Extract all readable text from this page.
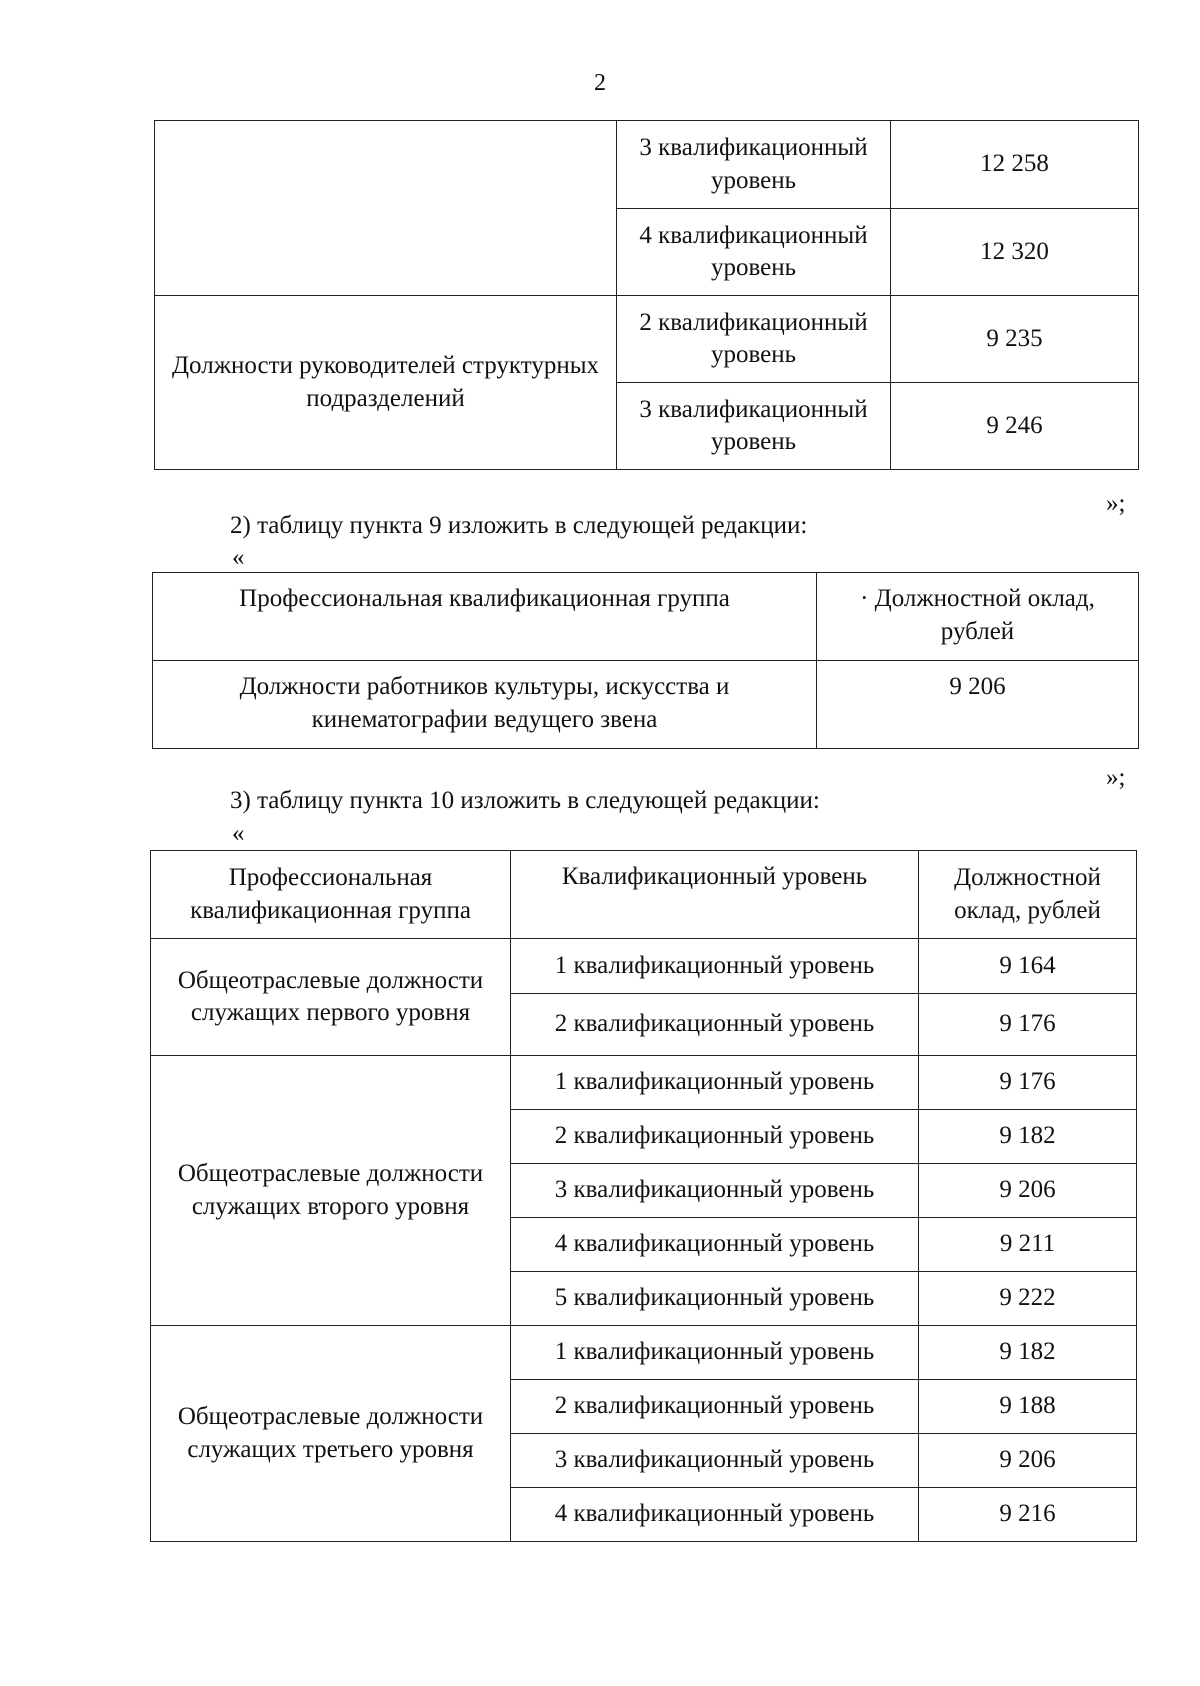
2
	3 квалификационный уровень	12 258
	4 квалификационный уровень	12 320
Должности руководителей структурных подразделений	2 квалификационный уровень	9 235
	3 квалификационный уровень	9 246
»;
2) таблицу пункта 9 изложить в следующей редакции:
«
Профессиональная квалификационная группа	· Должностной оклад, рублей
Должности работников культуры, искусства и кинематографии ведущего звена	9 206
»;
3) таблицу пункта 10 изложить в следующей редакции:
«
Профессиональная квалификационная группа	Квалификационный уровень	Должностной оклад, рублей
Общеотраслевые должности служащих первого уровня	1 квалификационный уровень	9 164
	2 квалификационный уровень	9 176
Общеотраслевые должности служащих второго уровня	1 квалификационный уровень	9 176
	2 квалификационный уровень	9 182
	3 квалификационный уровень	9 206
	4 квалификационный уровень	9 211
	5 квалификационный уровень	9 222
Общеотраслевые должности служащих третьего уровня	1 квалификационный уровень	9 182
	2 квалификационный уровень	9 188
	3 квалификационный уровень	9 206
	4 квалификационный уровень	9 216
